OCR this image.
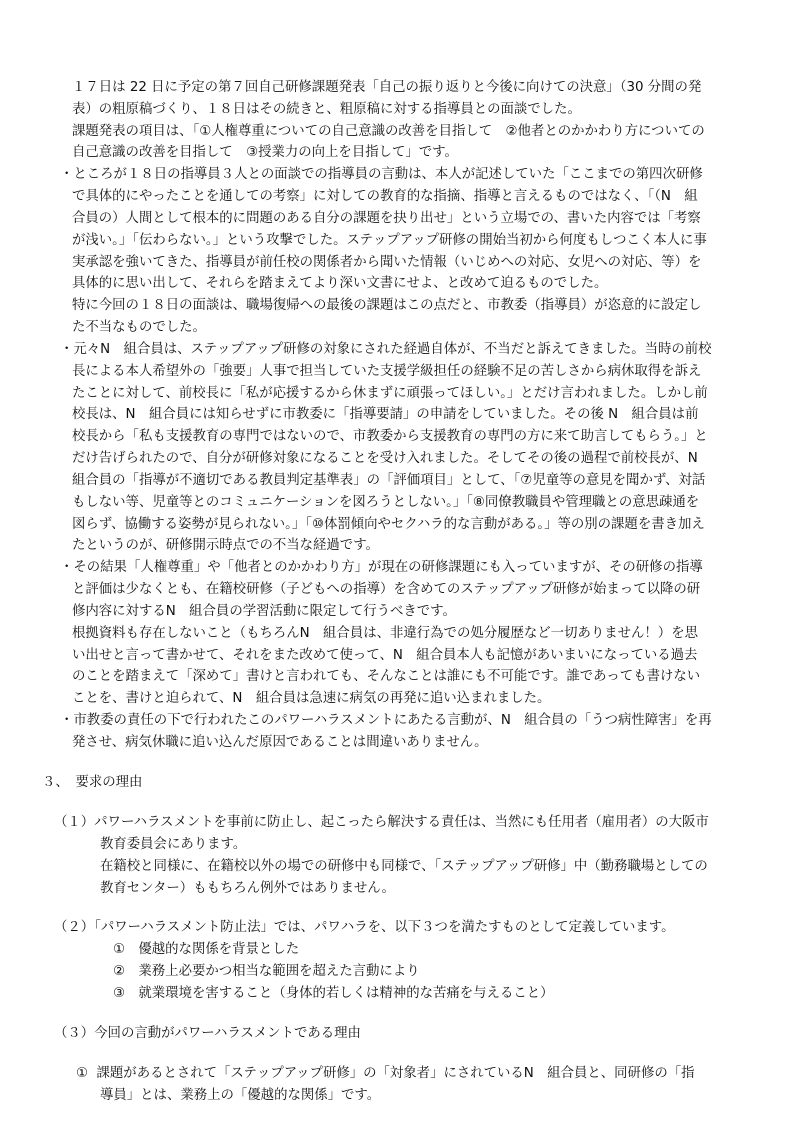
１７日は 22 日に予定の第７回自己研修課題発表「自己の振り返りと今後に向けての決意」（30 分間の発
表）の粗原稿づくり、１８日はその続きと、粗原稿に対する指導員との面談でした。
課題発表の項目は、「①人権尊重についての自己意識の改善を目指して　②他者とのかかわり方についての
自己意識の改善を目指して　③授業力の向上を目指して」です。
・ところが１８日の指導員３人との面談での指導員の言動は、本人が記述していた「ここまでの第四次研修
で具体的にやったことを通しての考察」に対しての教育的な指摘、指導と言えるものではなく、「（N　組
合員の）人間として根本的に問題のある自分の課題を抉り出せ」という立場での、書いた内容では「考察
が浅い。」「伝わらない。」という攻撃でした。ステップアップ研修の開始当初から何度もしつこく本人に事
実承認を強いてきた、指導員が前任校の関係者から聞いた情報（いじめへの対応、女児への対応、等）を
具体的に思い出して、それらを踏まえてより深い文書にせよ、と改めて迫るものでした。
特に今回の１８日の面談は、職場復帰への最後の課題はこの点だと、市教委（指導員）が恣意的に設定し
た不当なものでした。
・元々N　組合員は、ステップアップ研修の対象にされた経過自体が、不当だと訴えてきました。当時の前校
長による本人希望外の「強要」人事で担当していた支援学級担任の経験不足の苦しさから病休取得を訴え
たことに対して、前校長に「私が応援するから休まずに頑張ってほしい。」とだけ言われました。しかし前
校長は、N　組合員には知らせずに市教委に「指導要請」の申請をしていました。その後 N　組合員は前
校長から「私も支援教育の専門ではないので、市教委から支援教育の専門の方に来て助言してもらう。」と
だけ告げられたので、自分が研修対象になることを受け入れました。そしてその後の過程で前校長が、N
組合員の「指導が不適切である教員判定基準表」の「評価項目」として、「⑦児童等の意見を聞かず、対話
もしない等、児童等とのコミュニケーションを図ろうとしない。」「⑧同僚教職員や管理職との意思疎通を
図らず、協働する姿勢が見られない。」「⑩体罰傾向やセクハラ的な言動がある。」等の別の課題を書き加え
たというのが、研修開示時点での不当な経過です。
・その結果「人権尊重」や「他者とのかかわり方」が現在の研修課題にも入っていますが、その研修の指導
と評価は少なくとも、在籍校研修（子どもへの指導）を含めてのステップアップ研修が始まって以降の研
修内容に対するN　組合員の学習活動に限定して行うべきです。
根拠資料も存在しないこと（もちろんN　組合員は、非違行為での処分履歴など一切ありません！）を思
い出せと言って書かせて、それをまた改めて使って、N　組合員本人も記憶があいまいになっている過去
のことを踏まえて「深めて」書けと言われても、そんなことは誰にも不可能です。誰であっても書けない
ことを、書けと迫られて、N　組合員は急速に病気の再発に追い込まれました。
・市教委の責任の下で行われたこのパワーハラスメントにあたる言動が、N　組合員の「うつ病性障害」を再
発させ、病気休職に追い込んだ原因であることは間違いありません。
３、　要求の理由
（１）パワーハラスメントを事前に防止し、起こったら解決する責任は、当然にも任用者（雇用者）の大阪市
教育委員会にあります。
在籍校と同様に、在籍校以外の場での研修中も同様で、「ステップアップ研修」中（勤務職場としての
教育センター）ももちろん例外ではありません。
（２）「パワーハラスメント防止法」では、パワハラを、以下３つを満たすものとして定義しています。
①　優越的な関係を背景とした
②　業務上必要かつ相当な範囲を超えた言動により
③　就業環境を害すること（身体的若しくは精神的な苦痛を与えること）
（３）今回の言動がパワーハラスメントである理由
①  課題があるとされて「ステップアップ研修」の「対象者」にされているN　組合員と、同研修の「指
導員」とは、業務上の「優越的な関係」です。
